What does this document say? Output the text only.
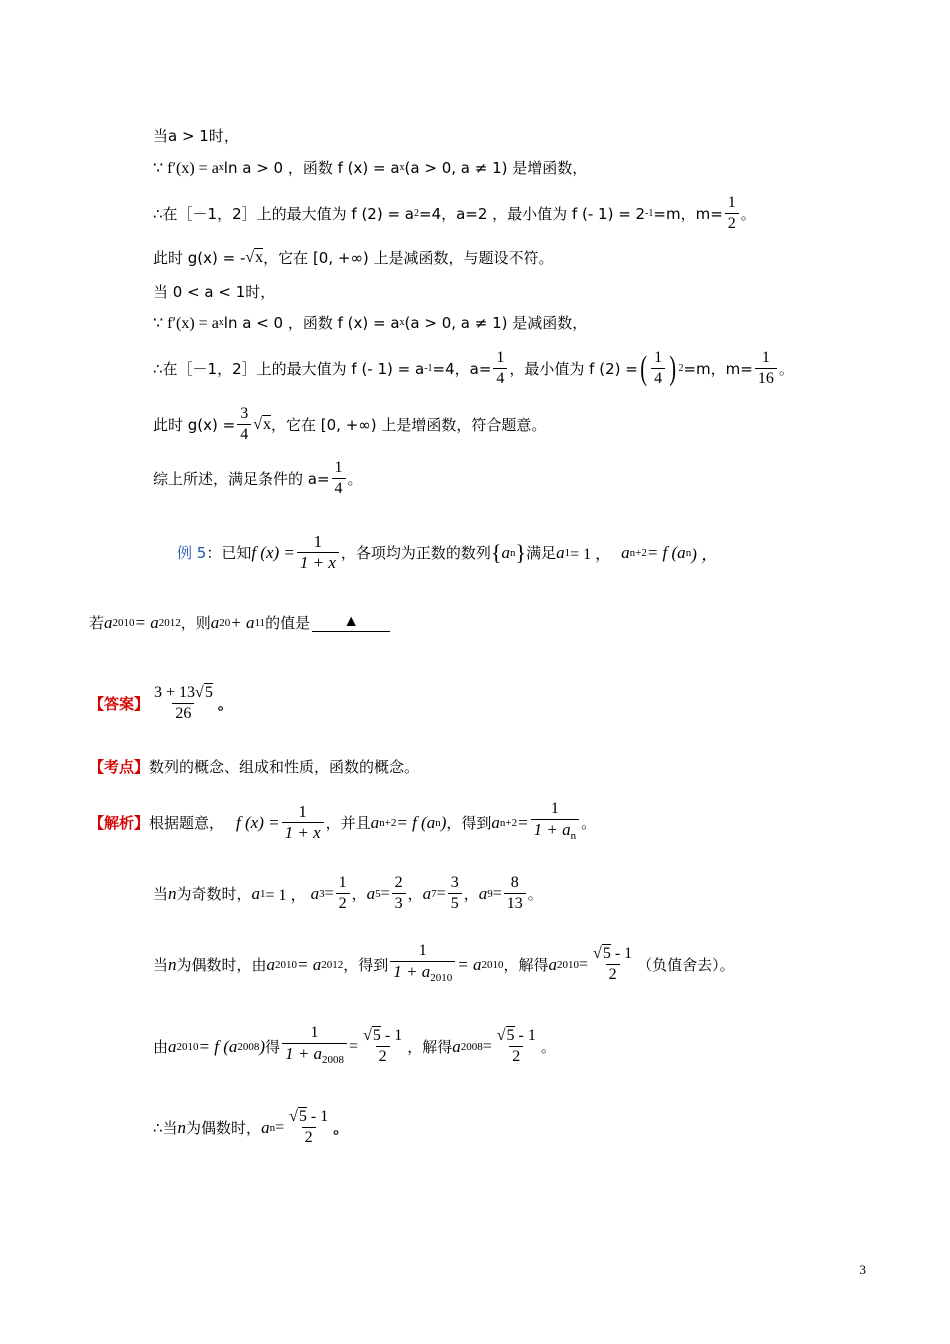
当a > 1时，
∵ f′(x) = a x ln a > 0 ，函数 f (x) = a x (a > 0, a ≠ 1) 是增函数，
∴在［－1，2］上的最大值为 f (2) = a 2 =4，a=2 ，最小值为 f (- 1) = 2 -1 =m，$m= \frac{1}{2}$ 。
此时 g(x) = - √ x ，它在 [0, +∞) 上是减函数，与题设不符。
当 0 < a < 1时，
∵ f′(x) = a x ln a < 0 ，函数 f (x) = a x (a > 0, a ≠ 1) 是减函数，
∴在［－1，2］上的最大值为 f (- 1) = a -1 =4，$a= \frac{1}{4}$ ，最小值为 f (2) = ( $\frac{1}{4}$ ) 2 =m，$m= \frac{1}{16}$ 。
此时 $g(x) = \frac{3}{4}$ √ x ，它在 [0, +∞) 上是增函数，符合题意。
综上所述，满足条件的 $a= \frac{1}{4}$ 。
例 5 ：已知 f $(x) = \frac{1}{1 + x}$ ，各项均为正数的数列 { a n } 满足 a 1 = 1 ， a n+2 = f (a n ) ，
若 a 2010 = a 2012 ，则 a 20 + a 11 的值是	▲
【答案】 $\frac{3 + 13√5}{26}$ 。
【考点】 数列的概念、组成和性质，函数的概念。
【解析】 根据题意， f $(x) = \frac{1}{1 + x}$ ，并且 a n+2 = f (a n ) ，得到 a $n+2 = \frac{1}{1 + a_n}$ 。
当 n 为奇数时， a 1 = 1 ， a $3 = \frac{1}{2}$ ， a $5 = \frac{2}{3}$ ， a $7 = \frac{3}{5}$ ， a $9 = \frac{8}{13}$ 。
当 n 为偶数时，由 a 2010 = a 2012 ，得到 $\frac{1}{1 + a_{2010}} = a$ 2010 ，解得 a $2010 = \frac{√5 - 1}{2}$ （负值舍去）。
由 a 2010 = f (a 2008 ) 得 $\frac{1}{1 + a_{2008}} = \frac{√5 - 1}{2}$ ，解得 a $2008 = \frac{√5 - 1}{2}$ 。
∴当 n 为偶数时， a $n = \frac{√5 - 1}{2}$ 。
3
